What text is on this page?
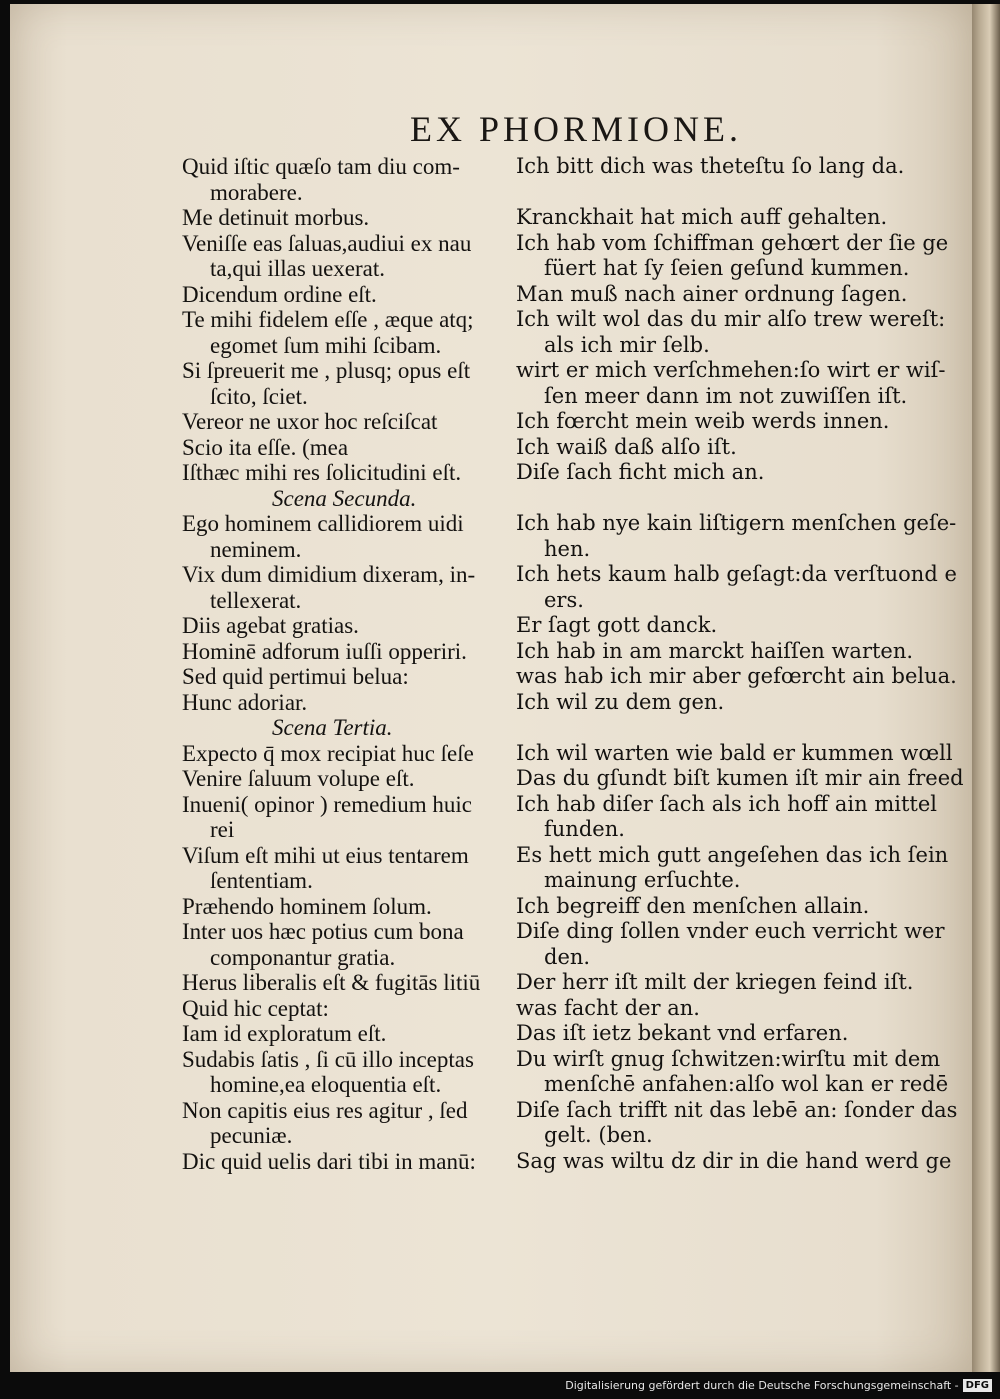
EX PHORMIONE.
Quid iſtic quæſo tam diu com-
morabere.
Me detinuit morbus.
Veniſſe eas ſaluas,audiui ex nau
ta,qui illas uexerat.
Dicendum ordine eſt.
Te mihi fidelem eſſe , æque atq;
egomet ſum mihi ſcibam.
Si ſpreuerit me , plusq; opus eſt
ſcito, ſciet.
Vereor ne uxor hoc reſciſcat
Scio ita eſſe. (mea
Iſthæc mihi res ſolicitudini eſt.
Scena Secunda.
Ego hominem callidiorem uidi
neminem.
Vix dum dimidium dixeram, in-
tellexerat.
Diis agebat gratias.
Hominē adforum iuſſi opperiri.
Sed quid pertimui belua:
Hunc adoriar.
Scena Tertia.
Expecto q̄ mox recipiat huc ſeſe
Venire ſaluum volupe eſt.
Inueni( opinor ) remedium huic
rei
Viſum eſt mihi ut eius tentarem
ſententiam.
Præhendo hominem ſolum.
Inter uos hæc potius cum bona
componantur gratia.
Herus liberalis eſt & fugitās litiū
Quid hic ceptat:
Iam id exploratum eſt.
Sudabis ſatis , ſi cū illo inceptas
homine,ea eloquentia eſt.
Non capitis eius res agitur , ſed
pecuniæ.
Dic quid uelis dari tibi in manū:
Ich bitt dich was theteſtu ſo lang da.
Kranckhait hat mich auff gehalten.
Ich hab vom ſchiffman gehœrt der ſie ge
füert hat ſy ſeien geſund kummen.
Man muß nach ainer ordnung ſagen.
Ich wilt wol das du mir alſo trew wereſt:
als ich mir ſelb.
wirt er mich verſchmehen:ſo wirt er wiſ-
ſen meer dann im not zuwiſſen iſt.
Ich fœrcht mein weib werds innen.
Ich waiß daß alſo iſt.
Diſe ſach ficht mich an.
Ich hab nye kain liſtigern menſchen geſe-
hen.
Ich hets kaum halb geſagt:da verſtuond e
ers.
Er ſagt gott danck.
Ich hab in am marckt haiſſen warten.
was hab ich mir aber gefœrcht ain belua.
Ich wil zu dem gen.
Ich wil warten wie bald er kummen wœll
Das du gſundt biſt kumen iſt mir ain freed
Ich hab diſer ſach als ich hoff ain mittel
funden.
Es hett mich gutt angeſehen das ich ſein
mainung erſuchte.
Ich begreiff den menſchen allain.
Diſe ding ſollen vnder euch verricht wer
den.
Der herr iſt milt der kriegen feind iſt.
was facht der an.
Das iſt ietz bekant vnd erfaren.
Du wirſt gnug ſchwitzen:wirſtu mit dem
menſchē anfahen:alſo wol kan er redē
Diſe ſach trifft nit das lebē an: ſonder das
gelt. (ben.
Sag was wiltu dz dir in die hand werd ge
Digitalisierung gefördert durch die Deutsche Forschungsgemeinschaft - DFG
